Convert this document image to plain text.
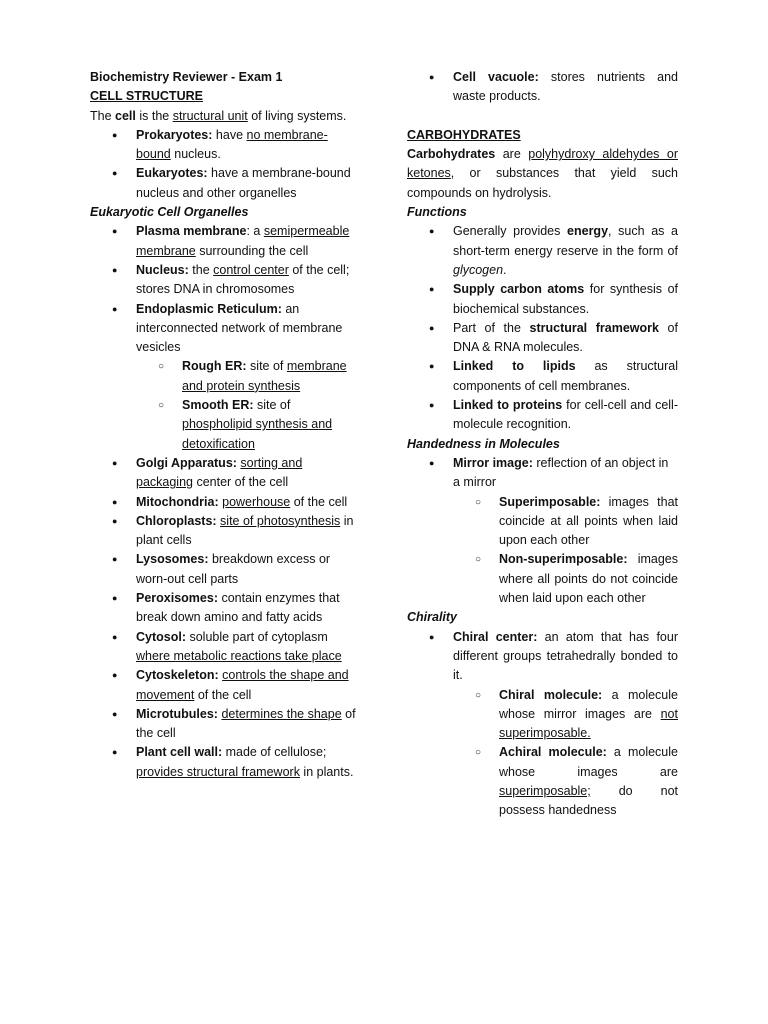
Biochemistry Reviewer - Exam 1

CELL STRUCTURE

The cell is the structural unit of living systems.

● Prokaryotes: have no membrane-bound nucleus.
● Eukaryotes: have a membrane-bound nucleus and other organelles

Eukaryotic Cell Organelles

● Plasma membrane: a semipermeable membrane surrounding the cell
● Nucleus: the control center of the cell; stores DNA in chromosomes
● Endoplasmic Reticulum: an interconnected network of membrane vesicles
○ Rough ER: site of membrane and protein synthesis
○ Smooth ER: site of phospholipid synthesis and detoxification
● Golgi Apparatus: sorting and packaging center of the cell
● Mitochondria: powerhouse of the cell
● Chloroplasts: site of photosynthesis in plant cells
● Lysosomes: breakdown excess or worn-out cell parts
● Peroxisomes: contain enzymes that break down amino and fatty acids
● Cytosol: soluble part of cytoplasm where metabolic reactions take place
● Cytoskeleton: controls the shape and movement of the cell
● Microtubules: determines the shape of the cell
● Plant cell wall: made of cellulose; provides structural framework in plants.
● Cell vacuole: stores nutrients and waste products.

CARBOHYDRATES

Carbohydrates are polyhydroxy aldehydes or ketones, or substances that yield such compounds on hydrolysis.

Functions

● Generally provides energy, such as a short-term energy reserve in the form of glycogen.
● Supply carbon atoms for synthesis of biochemical substances.
● Part of the structural framework of DNA & RNA molecules.
● Linked to lipids as structural components of cell membranes.
● Linked to proteins for cell-cell and cell-molecule recognition.

Handedness in Molecules

● Mirror image: reflection of an object in a mirror
○ Superimposable: images that coincide at all points when laid upon each other
○ Non-superimposable: images where all points do not coincide when laid upon each other

Chirality

● Chiral center: an atom that has four different groups tetrahedrally bonded to it.
○ Chiral molecule: a molecule whose mirror images are not superimposable.
○ Achiral molecule: a molecule whose images are superimposable; do not possess handedness
